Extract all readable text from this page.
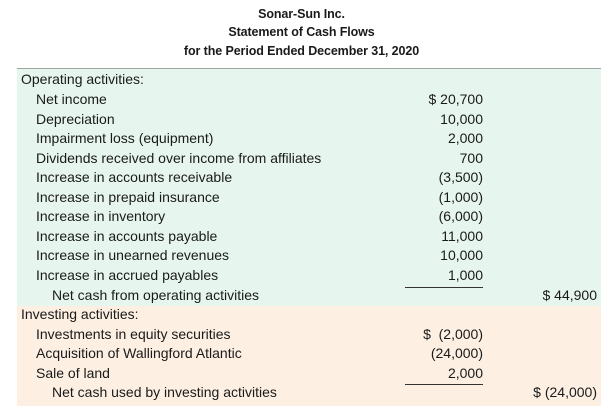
Sonar-Sun Inc.
Statement of Cash Flows
for the Period Ended December 31, 2020
Operating activities:
Net income	$ 20,700
Depreciation	10,000
Impairment loss (equipment)	2,000
Dividends received over income from affiliates	700
Increase in accounts receivable	(3,500)
Increase in prepaid insurance	(1,000)
Increase in inventory	(6,000)
Increase in accounts payable	11,000
Increase in unearned revenues	10,000
Increase in accrued payables	1,000
Net cash from operating activities	$ 44,900
Investing activities:
Investments in equity securities	$  (2,000)
Acquisition of Wallingford Atlantic	(24,000)
Sale of land	2,000
Net cash used by investing activities	$ (24,000)
